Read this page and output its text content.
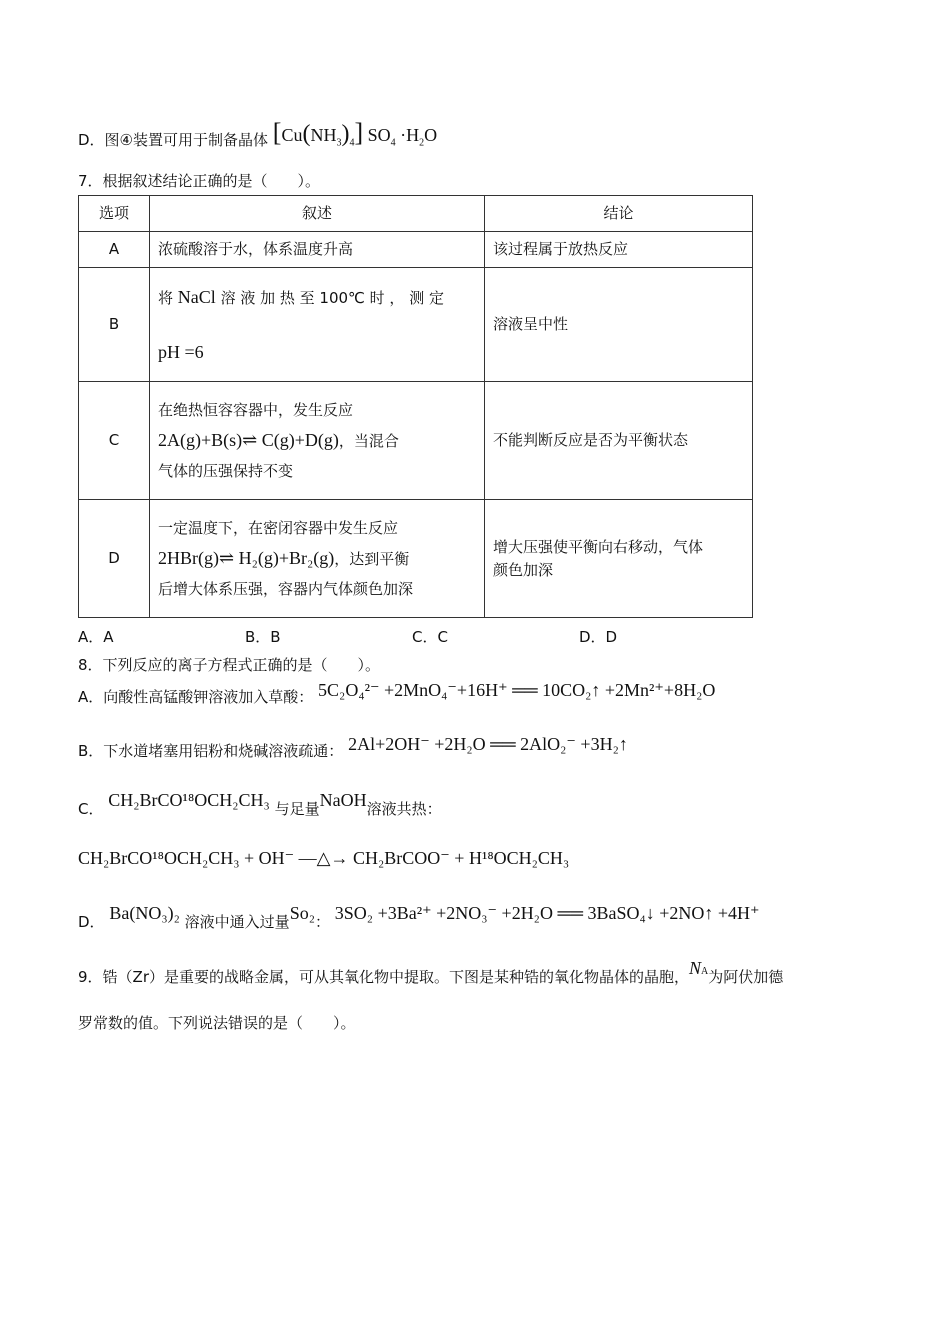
D．图④装置可用于制备晶体 $[Cu(NH_3)_4]$ $SO_4 \cdot H_2O$
7．根据叙述结论正确的是（　　）。
选项	叙述	结论
A	浓硫酸溶于水，体系温度升高	该过程属于放热反应
B	将 NaCl 溶 液 加 热 至 100℃ 时 ， 测 定
pH =6	溶液呈中性
C	在绝热恒容容器中，发生反应
2A(g)+B(s)⇌ C(g)+D(g)，当混合
气体的压强保持不变	不能判断反应是否为平衡状态
D	一定温度下，在密闭容器中发生反应
2HBr(g)⇌ H₂(g)+Br₂(g)，达到平衡
后增大体系压强，容器内气体颜色加深	增大压强使平衡向右移动，气体
颜色加深
A．A	B．B	C．C	D．D
8．下列反应的离子方程式正确的是（　　）。
A．向酸性高锰酸钾溶液加入草酸： 5C₂O₄²⁻ +2MnO₄⁻+16H⁺ ══ 10CO₂↑ +2Mn²⁺+8H₂O
B．下水道堵塞用铝粉和烧碱溶液疏通： 2Al+2OH⁻ +2H₂O ══ 2AlO₂⁻ +3H₂↑
C． CH₂BrCO¹⁸OCH₂CH₃ 与足量NaOH溶液共热：
CH₂BrCO¹⁸OCH₂CH₃ + OH⁻ —△→ CH₂BrCOO⁻ + H¹⁸OCH₂CH₃
D． Ba(NO₃)₂ 溶液中通入过量So₂： 3SO₂ +3Ba²⁺ +2NO₃⁻ +2H₂O ══ 3BaSO₄↓ +2NO↑ +4H⁺
9．锆（Zr）是重要的战略金属，可从其氧化物中提取。下图是某种锆的氧化物晶体的晶胞，NA为阿伏加德
罗常数的值。下列说法错误的是（　　）。
